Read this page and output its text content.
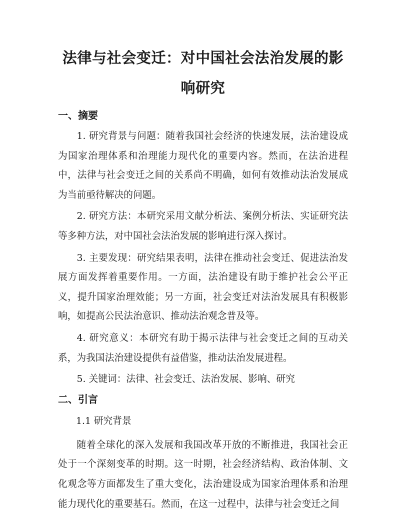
法律与社会变迁：对中国社会法治发展的影响研究
一、摘要

1. 研究背景与问题：随着我国社会经济的快速发展，法治建设成为国家治理体系和治理能力现代化的重要内容。然而，在法治进程中，法律与社会变迁之间的关系尚不明确，如何有效推动法治发展成为当前亟待解决的问题。

2. 研究方法：本研究采用文献分析法、案例分析法、实证研究法等多种方法，对中国社会法治发展的影响进行深入探讨。

3. 主要发现：研究结果表明，法律在推动社会变迁、促进法治发展方面发挥着重要作用。一方面，法治建设有助于维护社会公平正义，提升国家治理效能；另一方面，社会变迁对法治发展具有积极影响，如提高公民法治意识、推动法治观念普及等。

4. 研究意义：本研究有助于揭示法律与社会变迁之间的互动关系，为我国法治建设提供有益借鉴，推动法治发展进程。

5. 关键词：法律、社会变迁、法治发展、影响、研究

二、引言
1.1 研究背景

随着全球化的深入发展和我国改革开放的不断推进，我国社会正处于一个深刻变革的时期。这一时期，社会经济结构、政治体制、文化观念等方面都发生了重大变化，法治建设成为国家治理体系和治理能力现代化的重要基石。然而，在这一过程中，法律与社会变迁之间
